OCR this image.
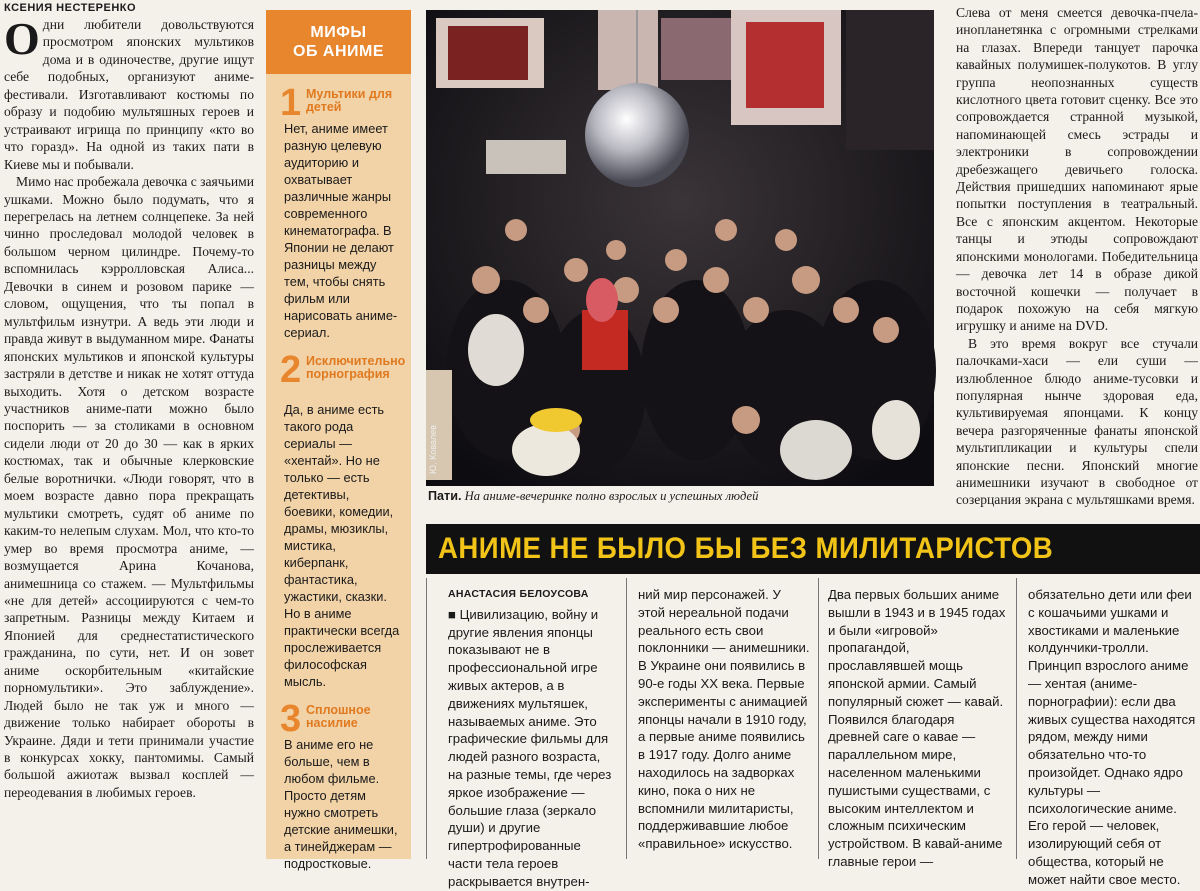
КСЕНИЯ НЕСТЕРЕНКО

Одни любители довольствуются просмотром японских мультиков дома и в одиночестве, другие ищут себе подобных, организуют аниме-фестивали. Изготавливают костюмы по образу и подобию мультяшных героев и устраивают игрища по принципу «кто во что горазд». На одной из таких пати в Киеве мы и побывали.

Мимо нас пробежала девочка с заячьими ушками. Можно было подумать, что я перегрелась на летнем солнцепеке. За ней чинно проследовал молодой человек в большом черном цилиндре. Почему-то вспомнилась кэрролловская Алиса... Девочки в синем и розовом парике — словом, ощущения, что ты попал в мультфильм изнутри. А ведь эти люди и правда живут в выдуманном мире. Фанаты японских мультиков и японской культуры застряли в детстве и никак не хотят оттуда выходить. Хотя о детском возрасте участников аниме-пати можно было поспорить — за столиками в основном сидели люди от 20 до 30 — как в ярких костюмах, так и обычные клерковские белые воротнички. «Люди говорят, что в моем возрасте давно пора прекращать мультики смотреть, судят об аниме по каким-то нелепым слухам. Мол, что кто-то умер во время просмотра аниме, — возмущается Арина Кочанова, анимешница со стажем. — Мультфильмы «не для детей» ассоциируются с чем-то запретным. Разницы между Китаем и Японией для среднестатистического гражданина, по сути, нет. И он зовет аниме оскорбительным «китайские порномультики». Это заблуждение». Людей было не так уж и много — движение только набирает обороты в Украине. Дяди и тети принимали участие в конкурсах хоккy, пантомимы. Самый большой ажиотаж вызвал косплей — переодевания в любимых героев.

МИФЫ
ОБ АНИМЕ
1 Мультики для детей
Нет, аниме имеет разную целевую аудиторию и охватывает различные жанры современного кинематографа. В Японии не делают разницы между тем, чтобы снять фильм или нарисовать аниме-сериал.
2 Исключительно порнография
Да, в аниме есть такого рода сериалы — «хентай». Но не только — есть детективы, боевики, комедии, драмы, мюзиклы, мистика, киберпанк, фантастика, ужастики, сказки. Но в аниме практически всегда прослеживается философская мысль.
3 Сплошное насилие
В аниме его не больше, чем в любом фильме. Просто детям нужно смотреть детские анимешки, а тинейджерам — подростковые.
Ю. Ковалев
Пати. На аниме-вечеринке полно взрослых и успешных людей

Слева от меня смеется девочка-пчела-инопланетянка с огромными стрелками на глазах. Впереди танцует парочка кавайных полумишек-полукотов. В углу группа неопознанных существ кислотного цвета готовит сценку. Все это сопровождается странной музыкой, напоминающей смесь эстрады и электроники в сопровождении дребезжащего девичьего голоска. Действия пришедших напоминают ярые попытки поступления в театральный. Все с японским акцентом. Некоторые танцы и этюды сопровождают японскими монологами. Победительница — девочка лет 14 в образе дикой восточной кошечки — получает в подарок похожую на себя мягкую игрушку и аниме на DVD.

В это время вокруг все стучали палочками-хаси — ели суши — излюбленное блюдо аниме-тусовки и популярная нынче здоровая еда, культивируемая японцами. К концу вечера разгоряченные фанаты японской мультипликации и культуры спели японские песни. Японский многие анимешники изучают в свободное от созерцания экрана с мультяшками время.

АНИМЕ НЕ БЫЛО БЫ БЕЗ МИЛИТАРИСТОВ

АНАСТАСИЯ БЕЛОУСОВА

■ Цивилизацию, войну и другие явления японцы показывают не в профессиональной игре живых актеров, а в движениях мультяшек, называемых аниме. Это графические фильмы для людей разного возраста, на разные темы, где через яркое изображение — большие глаза (зеркало души) и другие гипертрофированные части тела героев раскрывается внутрен-

ний мир персонажей. У этой нереальной подачи реального есть свои поклонники — анимешники. В Украине они появились в 90-е годы XX века. Первые эксперименты с анимацией японцы начали в 1910 году, а первые аниме появились в 1917 году. Долго аниме находилось на задворках кино, пока о них не вспомнили милитаристы, поддерживавшие любое «правильное» искусство.

Два первых больших аниме вышли в 1943 и в 1945 годах и были «игровой» пропагандой, прославлявшей мощь японской армии. Самый популярный сюжет — кавай. Появился благодаря древней саге о кавае — параллельном мире, населенном маленькими пушистыми существами, с высоким интеллектом и сложным психическим устройством. В кавай-аниме главные герои —

обязательно дети или феи с кошачьими ушками и хвостиками и маленькие колдунчики-тролли. Принцип взрослого аниме — хентая (аниме-порнографии): если два живых существа находятся рядом, между ними обязательно что-то произойдет. Однако ядро культуры — психологические аниме. Его герой — человек, изолирующий себя от общества, который не может найти свое место.
